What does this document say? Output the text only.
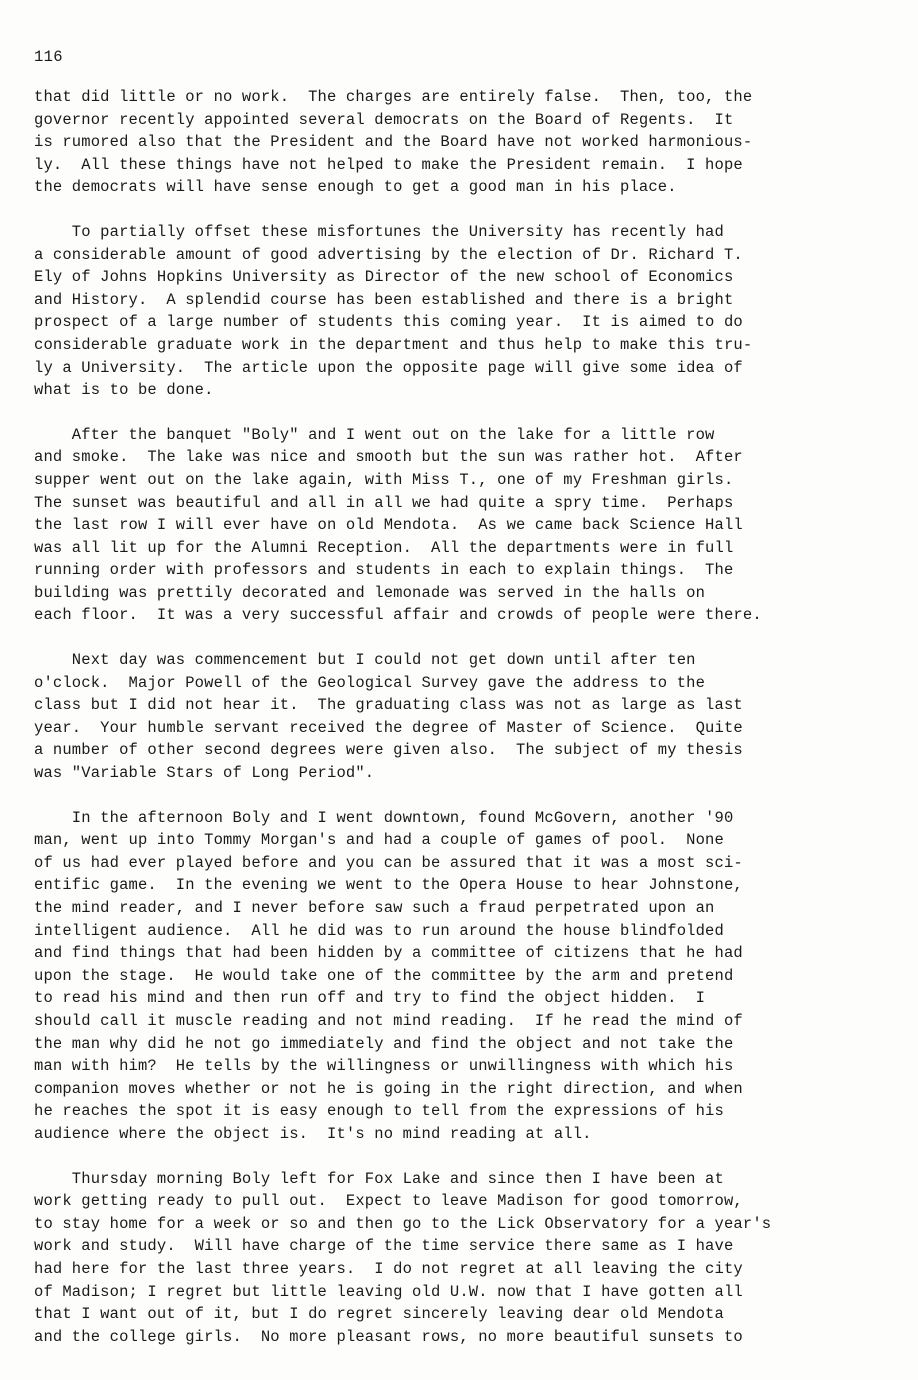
116
that did little or no work.  The charges are entirely false.  Then, too, the
governor recently appointed several democrats on the Board of Regents.  It
is rumored also that the President and the Board have not worked harmonious-
ly.  All these things have not helped to make the President remain.  I hope
the democrats will have sense enough to get a good man in his place.
To partially offset these misfortunes the University has recently had
a considerable amount of good advertising by the election of Dr. Richard T.
Ely of Johns Hopkins University as Director of the new school of Economics
and History.  A splendid course has been established and there is a bright
prospect of a large number of students this coming year.  It is aimed to do
considerable graduate work in the department and thus help to make this tru-
ly a University.  The article upon the opposite page will give some idea of
what is to be done.
After the banquet "Boly" and I went out on the lake for a little row
and smoke.  The lake was nice and smooth but the sun was rather hot.  After
supper went out on the lake again, with Miss T., one of my Freshman girls.
The sunset was beautiful and all in all we had quite a spry time.  Perhaps
the last row I will ever have on old Mendota.  As we came back Science Hall
was all lit up for the Alumni Reception.  All the departments were in full
running order with professors and students in each to explain things.  The
building was prettily decorated and lemonade was served in the halls on
each floor.  It was a very successful affair and crowds of people were there.
Next day was commencement but I could not get down until after ten
o'clock.  Major Powell of the Geological Survey gave the address to the
class but I did not hear it.  The graduating class was not as large as last
year.  Your humble servant received the degree of Master of Science.  Quite
a number of other second degrees were given also.  The subject of my thesis
was "Variable Stars of Long Period".
In the afternoon Boly and I went downtown, found McGovern, another '90
man, went up into Tommy Morgan's and had a couple of games of pool.  None
of us had ever played before and you can be assured that it was a most sci-
entific game.  In the evening we went to the Opera House to hear Johnstone,
the mind reader, and I never before saw such a fraud perpetrated upon an
intelligent audience.  All he did was to run around the house blindfolded
and find things that had been hidden by a committee of citizens that he had
upon the stage.  He would take one of the committee by the arm and pretend
to read his mind and then run off and try to find the object hidden.  I
should call it muscle reading and not mind reading.  If he read the mind of
the man why did he not go immediately and find the object and not take the
man with him?  He tells by the willingness or unwillingness with which his
companion moves whether or not he is going in the right direction, and when
he reaches the spot it is easy enough to tell from the expressions of his
audience where the object is.  It's no mind reading at all.
Thursday morning Boly left for Fox Lake and since then I have been at
work getting ready to pull out.  Expect to leave Madison for good tomorrow,
to stay home for a week or so and then go to the Lick Observatory for a year's
work and study.  Will have charge of the time service there same as I have
had here for the last three years.  I do not regret at all leaving the city
of Madison; I regret but little leaving old U.W. now that I have gotten all
that I want out of it, but I do regret sincerely leaving dear old Mendota
and the college girls.  No more pleasant rows, no more beautiful sunsets to
